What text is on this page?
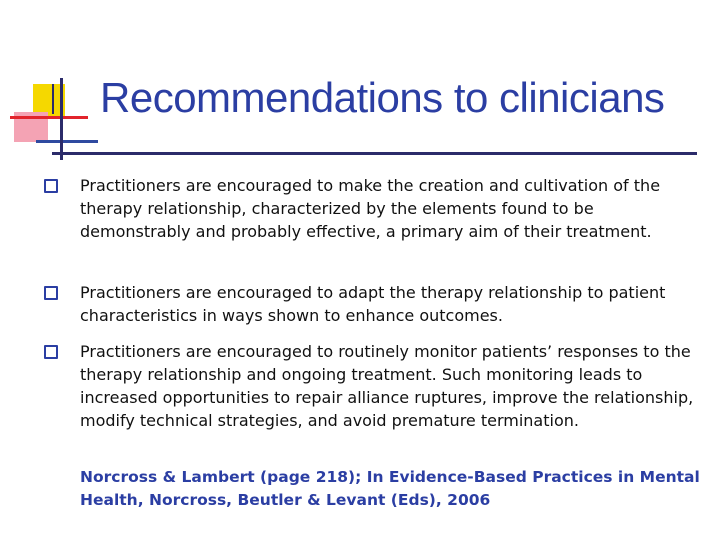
Recommendations to clinicians
Practitioners are encouraged to make the creation and cultivation of the therapy relationship, characterized by the elements found to be demonstrably and probably effective, a primary aim of their treatment.
Practitioners are encouraged to adapt the therapy relationship to patient characteristics in ways shown to enhance outcomes.
Practitioners are encouraged to routinely monitor patients’ responses to the therapy relationship and ongoing treatment. Such monitoring leads to increased opportunities to repair alliance ruptures, improve the relationship, modify technical strategies, and avoid premature termination.
Norcross & Lambert (page 218); In Evidence-Based Practices in Mental Health, Norcross, Beutler & Levant (Eds), 2006
